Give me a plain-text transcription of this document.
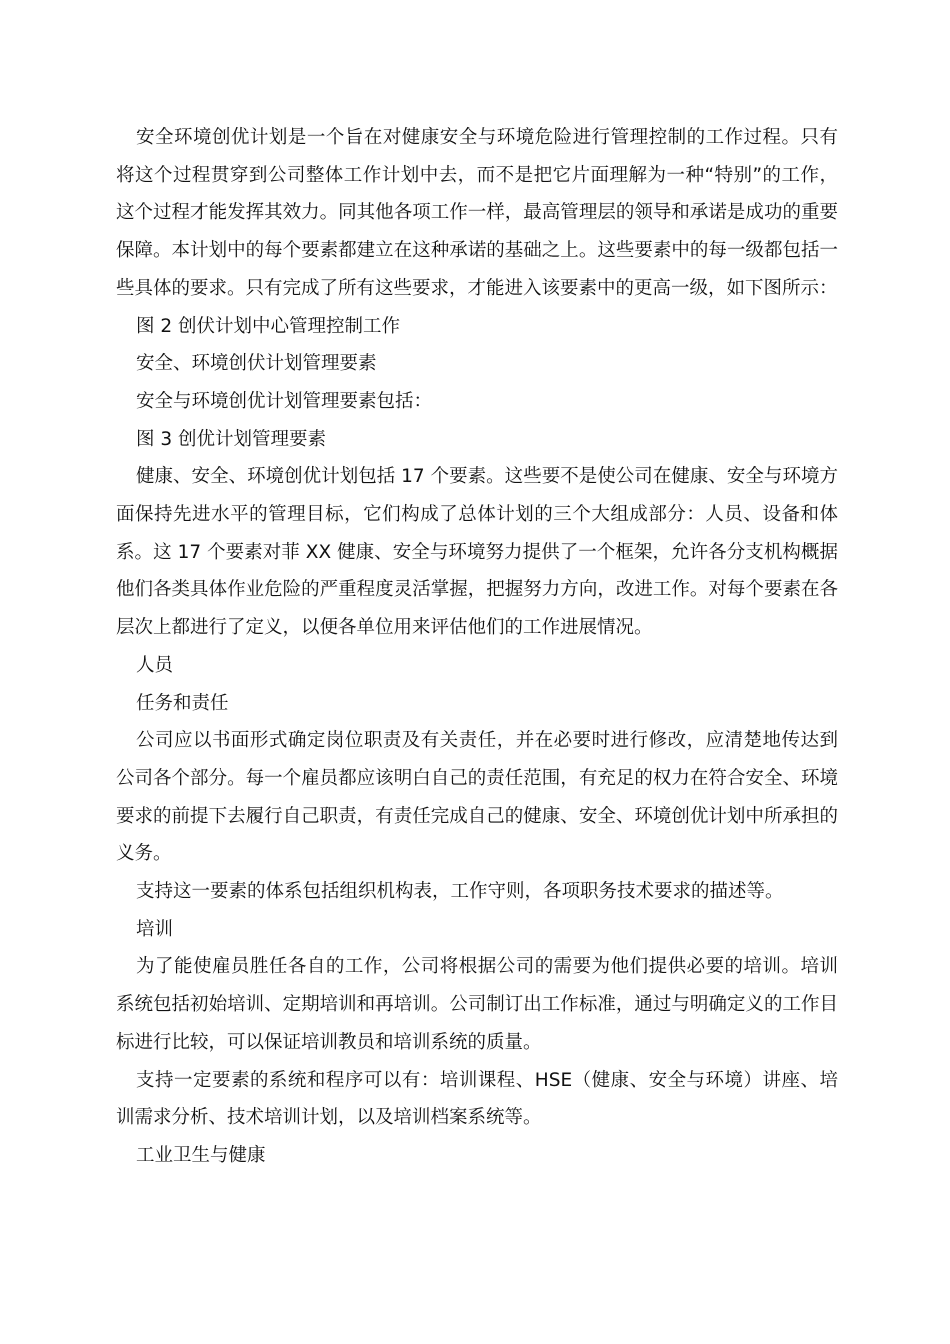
安全环境创优计划是一个旨在对健康安全与环境危险进行管理控制的工作过程。只有将这个过程贯穿到公司整体工作计划中去，而不是把它片面理解为一种“特别”的工作，这个过程才能发挥其效力。同其他各项工作一样，最高管理层的领导和承诺是成功的重要保障。本计划中的每个要素都建立在这种承诺的基础之上。这些要素中的每一级都包括一些具体的要求。只有完成了所有这些要求，才能进入该要素中的更高一级，如下图所示：

图 2 创伏计划中心管理控制工作

安全、环境创伏计划管理要素

安全与环境创优计划管理要素包括：

图 3 创优计划管理要素

健康、安全、环境创优计划包括 17 个要素。这些要不是使公司在健康、安全与环境方面保持先进水平的管理目标，它们构成了总体计划的三个大组成部分：人员、设备和体系。这 17 个要素对菲 XX 健康、安全与环境努力提供了一个框架，允许各分支机构概据他们各类具体作业危险的严重程度灵活掌握，把握努力方向，改进工作。对每个要素在各层次上都进行了定义，以便各单位用来评估他们的工作进展情况。

人员

任务和责任

公司应以书面形式确定岗位职责及有关责任，并在必要时进行修改，应清楚地传达到公司各个部分。每一个雇员都应该明白自己的责任范围，有充足的权力在符合安全、环境要求的前提下去履行自己职责，有责任完成自己的健康、安全、环境创优计划中所承担的义务。

支持这一要素的体系包括组织机构表，工作守则，各项职务技术要求的描述等。

培训

为了能使雇员胜任各自的工作，公司将根据公司的需要为他们提供必要的培训。培训系统包括初始培训、定期培训和再培训。公司制订出工作标准，通过与明确定义的工作目标进行比较，可以保证培训教员和培训系统的质量。

支持一定要素的系统和程序可以有：培训课程、HSE（健康、安全与环境）讲座、培训需求分析、技术培训计划，以及培训档案系统等。

工业卫生与健康
